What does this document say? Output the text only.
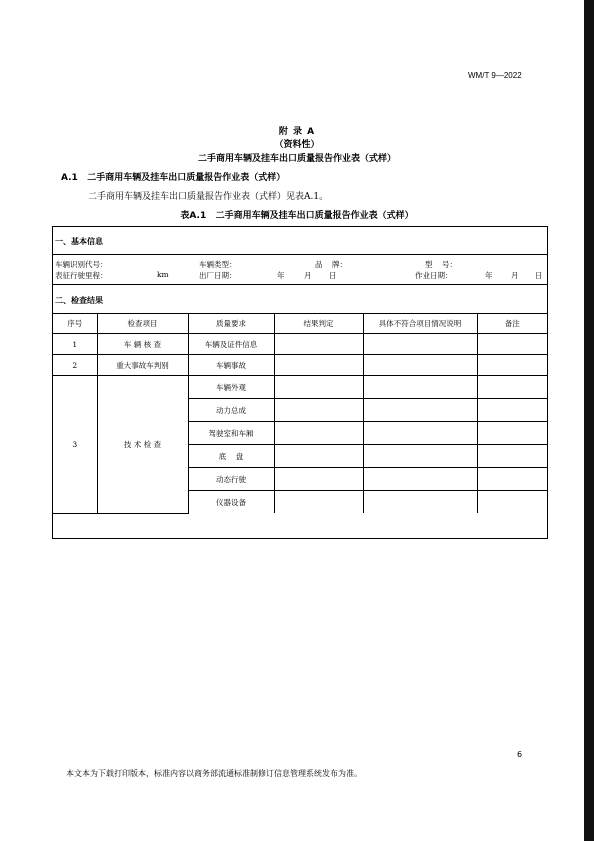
WM/T 9—2022
附 录 A
（资料性）
二手商用车辆及挂车出口质量报告作业表（式样）
A.1   二手商用车辆及挂车出口质量报告作业表（式样）
二手商用车辆及挂车出口质量报告作业表（式样）见表A.1。
表A.1   二手商用车辆及挂车出口质量报告作业表（式样）
一、基本信息
车辆识别代号：	车辆类型：	品    牌：	型    号：
表征行驶里程：	km	出厂日期：	年	月 日	作业日期：	年 月 日
二、检查结果
序号	检查项目	质量要求	结果判定	具体不符合项目情况说明	备注
1	车 辆 核 查	车辆及证件信息			
2	重大事故车判别	车辆事故			
3	技 术 检 查	车辆外观			
		动力总成			
		驾驶室和车厢			
		底    盘			
		动态行驶			
		仪器设备			
6
本文本为下载打印版本，标准内容以商务部流通标准制修订信息管理系统发布为准。
